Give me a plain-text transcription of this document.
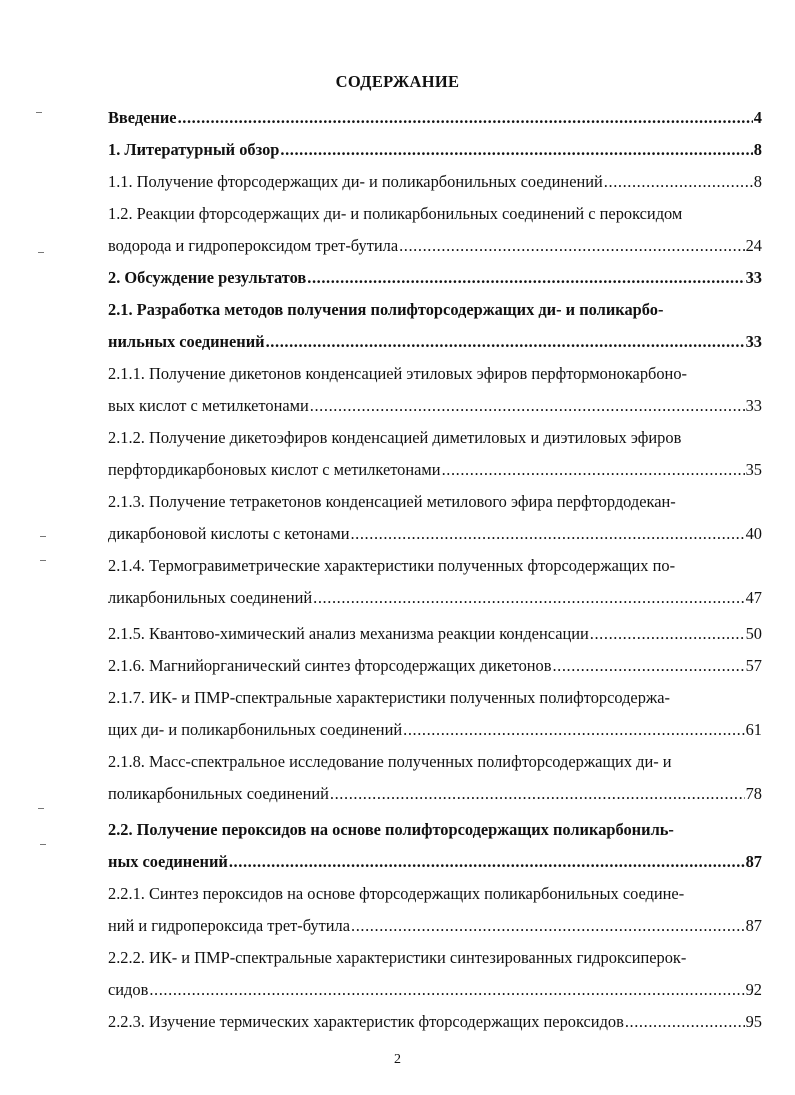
СОДЕРЖАНИЕ
Введение .....	4
1. Литературный обзор .....	8
1.1. Получение фторсодержащих ди- и поликарбонильных соединений .....	8
1.2. Реакции фторсодержащих ди- и поликарбонильных соединений с пероксидом
водорода и гидропероксидом трет-бутила .....	24
2. Обсуждение результатов .....	33
2.1. Разработка методов получения полифторсодержащих ди- и поликарбо-
нильных соединений .....	33
2.1.1. Получение дикетонов конденсацией этиловых эфиров перфтормонокарбоно-
вых кислот с метилкетонами .....	33
2.1.2. Получение дикетоэфиров конденсацией диметиловых и диэтиловых эфиров
перфтордикарбоновых кислот с метилкетонами .....	35
2.1.3. Получение тетракетонов конденсацией метилового эфира перфтордодекан-
дикарбоновой кислоты с кетонами .....	40
2.1.4. Термогравиметрические характеристики полученных фторсодержащих по-
ликарбонильных соединений .....	47
2.1.5. Квантово-химический анализ механизма реакции конденсации .....	50
2.1.6. Магнийорганический синтез фторсодержащих дикетонов .....	57
2.1.7. ИК- и ПМР-спектральные характеристики полученных полифторсодержа-
щих ди- и поликарбонильных соединений .....	61
2.1.8. Масс-спектральное исследование полученных полифторсодержащих ди- и
поликарбонильных соединений .....	78
2.2. Получение пероксидов на основе полифторсодержащих поликарбониль-
ных соединений .....	87
2.2.1. Синтез пероксидов на основе фторсодержащих поликарбонильных соедине-
ний и гидропероксида трет-бутила .....	87
2.2.2. ИК- и ПМР-спектральные характеристики синтезированных гидроксиперок-
сидов .....	92
2.2.3. Изучение термических характеристик фторсодержащих пероксидов .....	95
2
